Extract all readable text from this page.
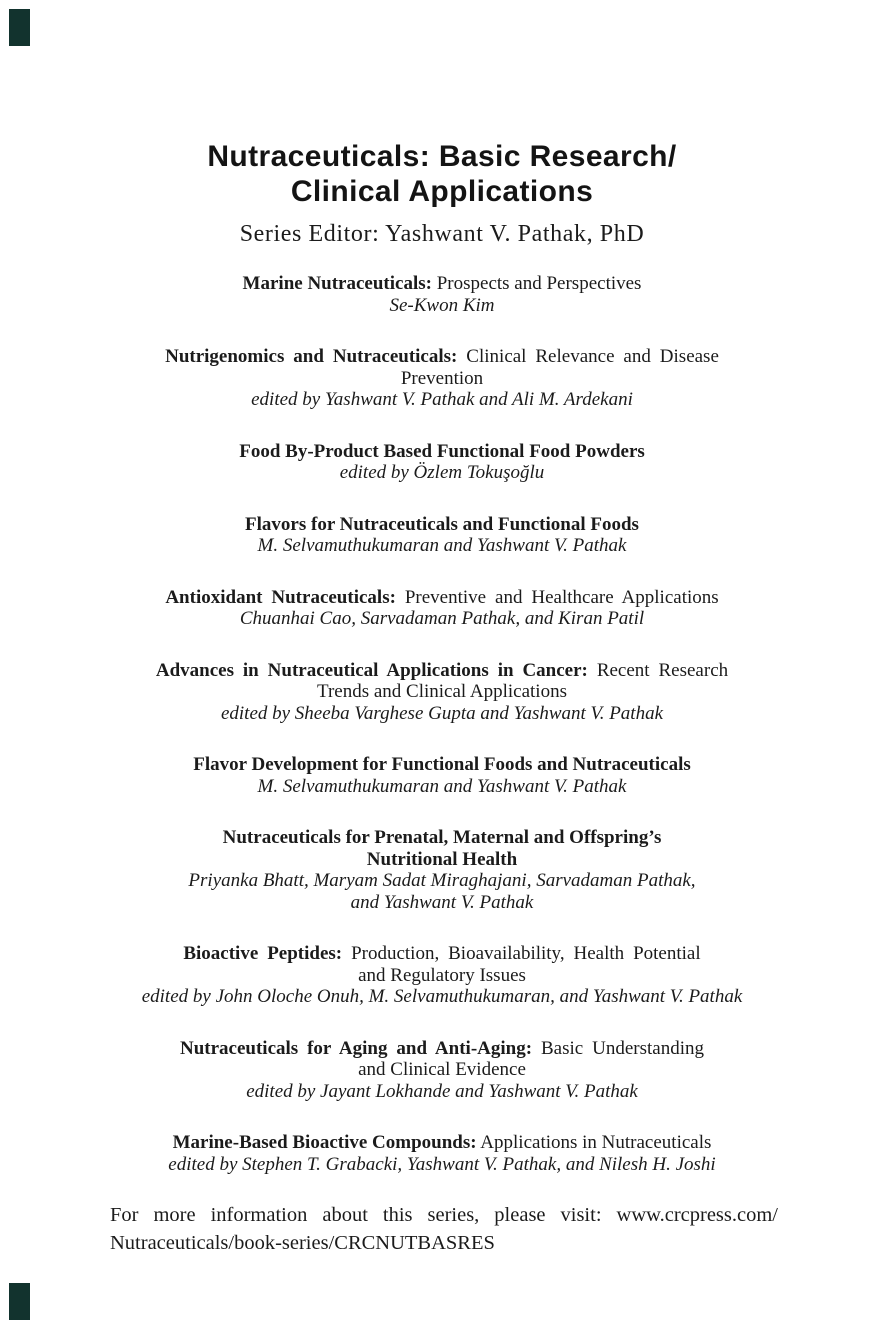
Nutraceuticals: Basic Research/
Clinical Applications
Series Editor: Yashwant V. Pathak, PhD
Marine Nutraceuticals: Prospects and Perspectives
Se-Kwon Kim
Nutrigenomics and Nutraceuticals: Clinical Relevance and Disease
Prevention
edited by Yashwant V. Pathak and Ali M. Ardekani
Food By-Product Based Functional Food Powders
edited by Özlem Tokuşoğlu
Flavors for Nutraceuticals and Functional Foods
M. Selvamuthukumaran and Yashwant V. Pathak
Antioxidant Nutraceuticals: Preventive and Healthcare Applications
Chuanhai Cao, Sarvadaman Pathak, and Kiran Patil
Advances in Nutraceutical Applications in Cancer: Recent Research
Trends and Clinical Applications
edited by Sheeba Varghese Gupta and Yashwant V. Pathak
Flavor Development for Functional Foods and Nutraceuticals
M. Selvamuthukumaran and Yashwant V. Pathak
Nutraceuticals for Prenatal, Maternal and Offspring’s
Nutritional Health
Priyanka Bhatt, Maryam Sadat Miraghajani, Sarvadaman Pathak,
and Yashwant V. Pathak
Bioactive Peptides: Production, Bioavailability, Health Potential
and Regulatory Issues
edited by John Oloche Onuh, M. Selvamuthukumaran, and Yashwant V. Pathak
Nutraceuticals for Aging and Anti-Aging: Basic Understanding
and Clinical Evidence
edited by Jayant Lokhande and Yashwant V. Pathak
Marine-Based Bioactive Compounds: Applications in Nutraceuticals
edited by Stephen T. Grabacki, Yashwant V. Pathak, and Nilesh H. Joshi
For more information about this series, please visit: www.crcpress.com/
Nutraceuticals/book-series/CRCNUTBASRES
